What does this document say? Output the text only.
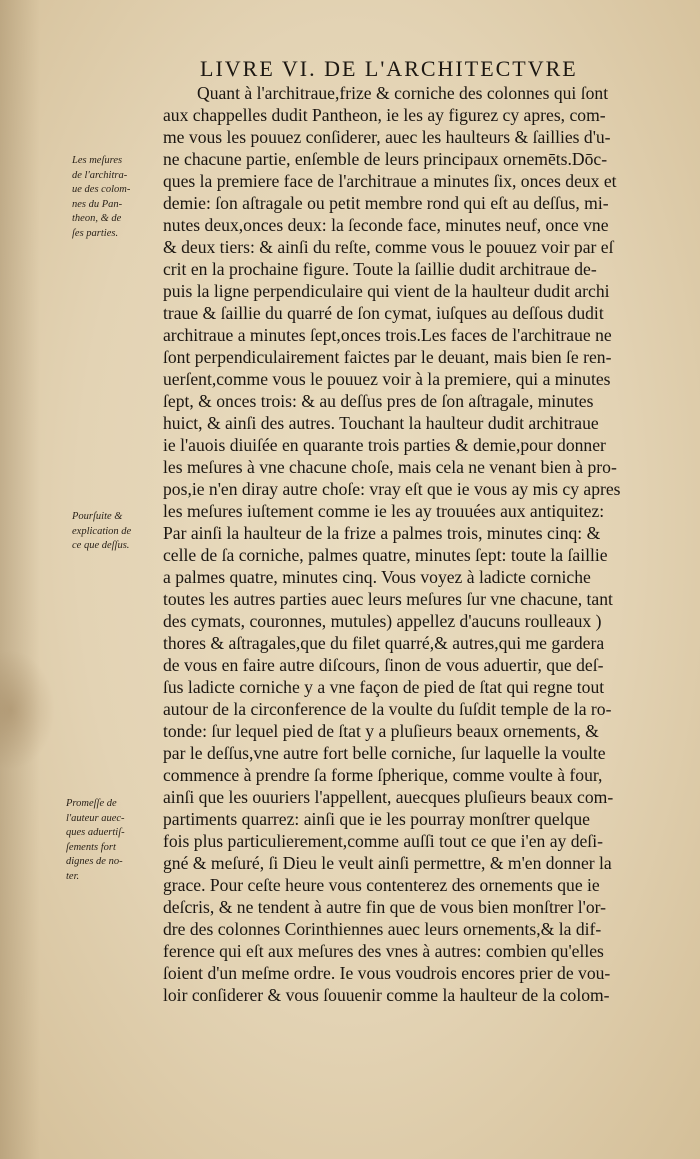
LIVRE VI. DE L'ARCHITECTVRE
Les meſures
de l'architra-
ue des colom-
nes du Pan-
theon, & de
ſes parties.
Pourſuite &
explication de
ce que deſſus.
Promeſſe de
l'auteur auec-
ques aduertiſ-
ſements fort
dignes de no-
ter.
Quant à l'architraue,frize & corniche des colonnes qui ſont
aux chappelles dudit Pantheon, ie les ay figurez cy apres, com-
me vous les pouuez conſiderer, auec les haulteurs & ſaillies d'u-
ne chacune partie, enſemble de leurs principaux ornemēts.Dōc-
ques la premiere face de l'architraue a minutes ſix, onces deux et
demie: ſon aſtragale ou petit membre rond qui eſt au deſſus, mi-
nutes deux,onces deux: la ſeconde face, minutes neuf, once vne
& deux tiers: & ainſi du reſte, comme vous le pouuez voir par eſ
crit en la prochaine figure. Toute la ſaillie dudit architraue de-
puis la ligne perpendiculaire qui vient de la haulteur dudit archi
traue & ſaillie du quarré de ſon cymat, iuſques au deſſous dudit
architraue a minutes ſept,onces trois.Les faces de l'architraue ne
ſont perpendiculairement faictes par le deuant, mais bien ſe ren-
uerſent,comme vous le pouuez voir à la premiere, qui a minutes
ſept, & onces trois: & au deſſus pres de ſon aſtragale, minutes
huict, & ainſi des autres. Touchant la haulteur dudit architraue
ie l'auois diuiſée en quarante trois parties & demie,pour donner
les meſures à vne chacune choſe, mais cela ne venant bien à pro-
pos,ie n'en diray autre choſe: vray eſt que ie vous ay mis cy apres
les meſures iuſtement comme ie les ay trouuées aux antiquitez:
Par ainſi la haulteur de la frize a palmes trois, minutes cinq: &
celle de ſa corniche, palmes quatre, minutes ſept: toute la ſaillie
a palmes quatre, minutes cinq. Vous voyez à ladicte corniche
toutes les autres parties auec leurs meſures ſur vne chacune, tant
des cymats, couronnes, mutules) appellez d'aucuns roulleaux )
thores & aſtragales,que du filet quarré,& autres,qui me gardera
de vous en faire autre diſcours, ſinon de vous aduertir, que deſ-
ſus ladicte corniche y a vne façon de pied de ſtat qui regne tout
autour de la circonference de la voulte du ſuſdit temple de la ro-
tonde: ſur lequel pied de ſtat y a pluſieurs beaux ornements, &
par le deſſus,vne autre fort belle corniche, ſur laquelle la voulte
commence à prendre ſa forme ſpherique, comme voulte à four,
ainſi que les ouuriers l'appellent, auecques pluſieurs beaux com-
partiments quarrez: ainſi que ie les pourray monſtrer quelque
fois plus particulierement,comme auſſi tout ce que i'en ay deſi-
gné & meſuré, ſi Dieu le veult ainſi permettre, & m'en donner la
grace. Pour ceſte heure vous contenterez des ornements que ie
deſcris, & ne tendent à autre fin que de vous bien monſtrer l'or-
dre des colonnes Corinthiennes auec leurs ornements,& la dif-
ference qui eſt aux meſures des vnes à autres: combien qu'elles
ſoient d'un meſme ordre. Ie vous voudrois encores prier de vou-
loir conſiderer & vous ſouuenir comme la haulteur de la colom-
